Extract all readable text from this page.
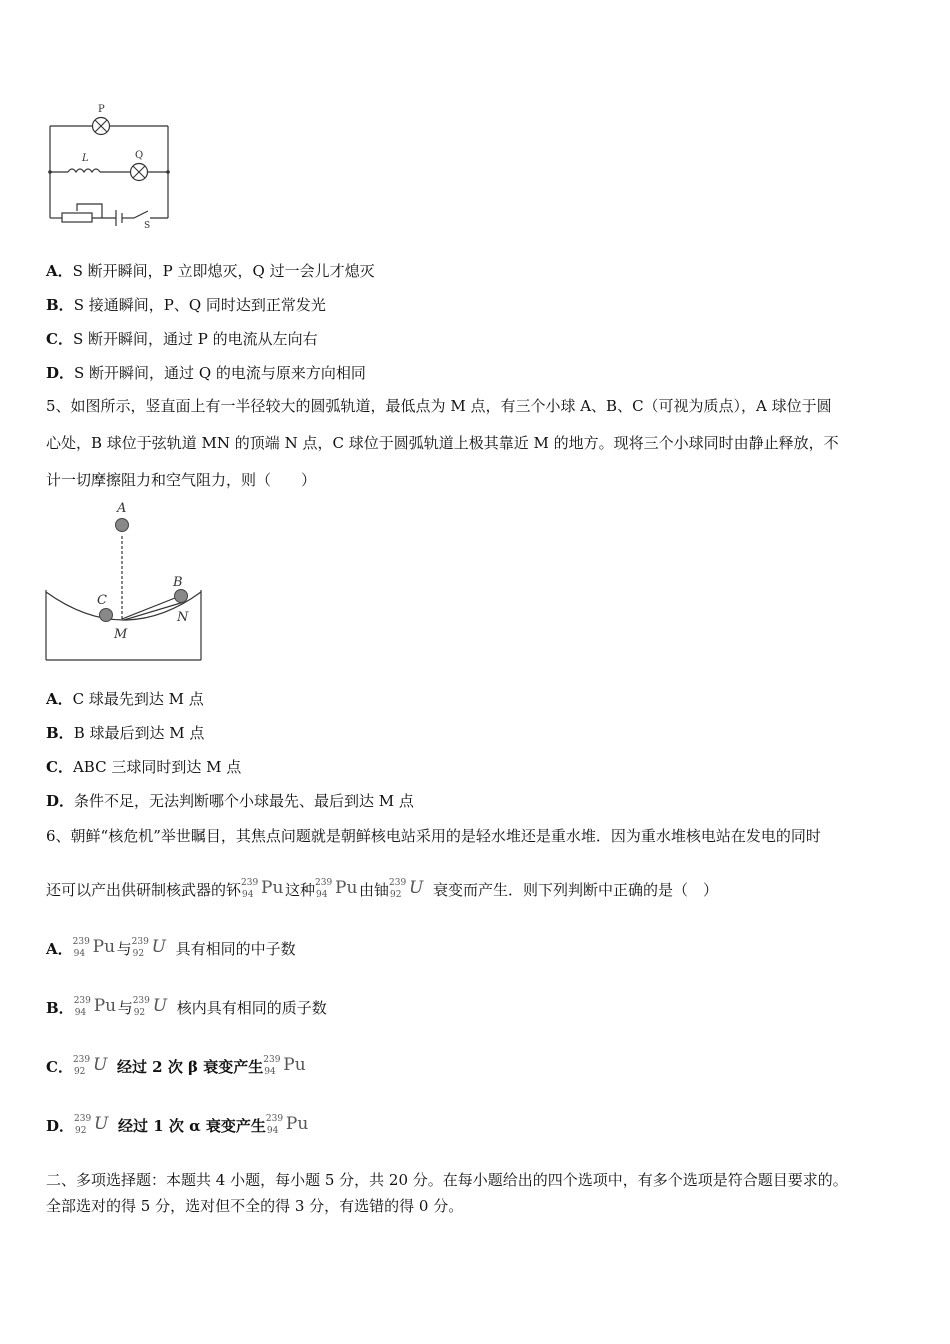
P
L	Q
S
A．S 断开瞬间，P 立即熄灭，Q 过一会儿才熄灭
B．S 接通瞬间，P、Q 同时达到正常发光
C．S 断开瞬间，通过 P 的电流从左向右
D．S 断开瞬间，通过 Q 的电流与原来方向相同
5、如图所示，竖直面上有一半径较大的圆弧轨道，最低点为 M 点，有三个小球 A、B、C（可视为质点），A 球位于圆
心处，B 球位于弦轨道 MN 的顶端 N 点，C 球位于圆弧轨道上极其靠近 M 的地方。现将三个小球同时由静止释放，不
计一切摩擦阻力和空气阻力，则（　　）
A
B
C
M
N
A．C 球最先到达 M 点
B．B 球最后到达 M 点
C．ABC 三球同时到达 M 点
D．条件不足，无法判断哪个小球最先、最后到达 M 点
6、朝鲜“核危机”举世瞩目，其焦点问题就是朝鲜核电站采用的是轻水堆还是重水堆．因为重水堆核电站在发电的同时
还可以产出供研制核武器的钚 239
94 Pu 这种 239
94 Pu 由铀 239
92 U 衰变而产生．则下列判断中正确的是（　）
A． 239
94 Pu 与 239
92 U 具有相同的中子数
B． 239
94 Pu 与 239
92 U 核内具有相同的质子数
C． 239
92 U 经过 2 次 β 衰变产生 239
94 Pu
D． 239
92 U 经过 1 次 α 衰变产生 239
94 Pu
二、多项选择题：本题共 4 小题，每小题 5 分，共 20 分。在每小题给出的四个选项中，有多个选项是符合题目要求的。
全部选对的得 5 分，选对但不全的得 3 分，有选错的得 0 分。
